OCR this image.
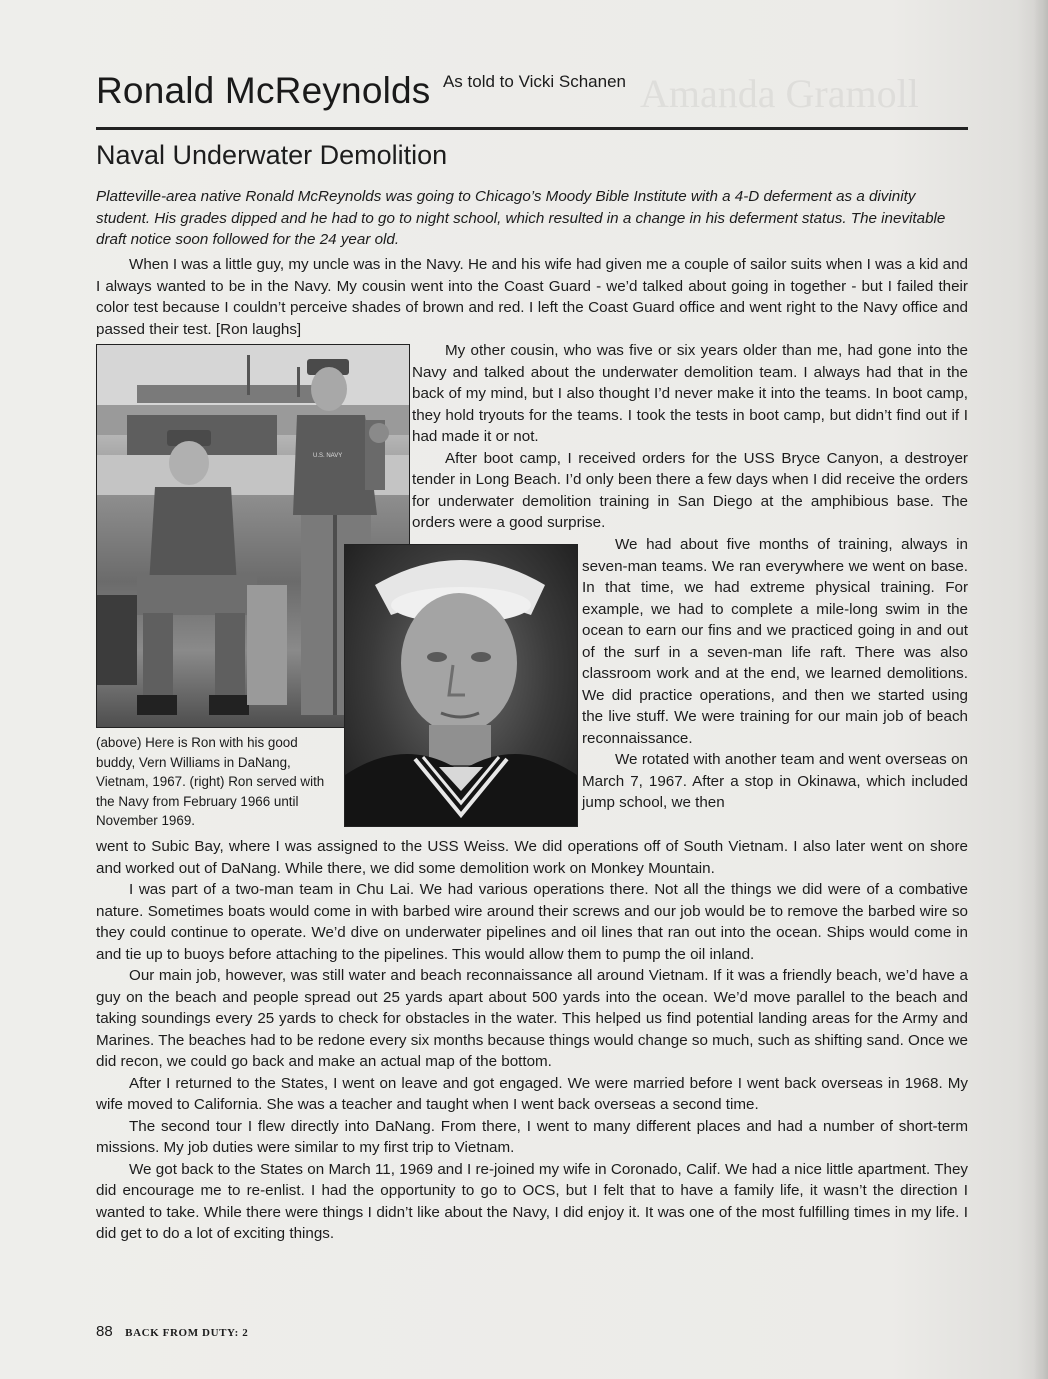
Amanda Gramoll
Ronald McReynolds As told to Vicki Schanen
Naval Underwater Demolition
Platteville-area native Ronald McReynolds was going to Chicago’s Moody Bible Institute with a 4-D deferment as a divinity student. His grades dipped and he had to go to night school, which resulted in a change in his deferment status. The inevitable draft notice soon followed for the 24 year old.

When I was a little guy, my uncle was in the Navy. He and his wife had given me a couple of sailor suits when I was a kid and I always wanted to be in the Navy. My cousin went into the Coast Guard - we’d talked about going in together - but I failed their color test because I couldn’t perceive shades of brown and red. I left the Coast Guard office and went right to the Navy office and passed their test. [Ron laughs]

My other cousin, who was five or six years older than me, had gone into the Navy and talked about the underwater demolition team. I always had that in the back of my mind, but I also thought I’d never make it into the teams. In boot camp, they hold tryouts for the teams. I took the tests in boot camp, but didn’t find out if I had made it or not.

After boot camp, I received orders for the USS Bryce Canyon, a destroyer tender in Long Beach. I’d only been there a few days when I did receive the orders for underwater demolition training in San Diego at the amphibious base. The orders were a good surprise.

We had about five months of training, always in seven-man teams. We ran everywhere we went on base. In that time, we had extreme physical training. For example, we had to complete a mile-long swim in the ocean to earn our fins and we practiced going in and out of the surf in a seven-man life raft. There was also classroom work and at the end, we learned demolitions. We did practice operations, and then we started using the live stuff. We were training for our main job of beach reconnaissance.

We rotated with another team and went overseas on March 7, 1967. After a stop in Okinawa, which included jump school, we then

went to Subic Bay, where I was assigned to the USS Weiss. We did operations off of South Vietnam. I also later went on shore and worked out of DaNang. While there, we did some demolition work on Monkey Mountain.

I was part of a two-man team in Chu Lai. We had various operations there. Not all the things we did were of a combative nature. Sometimes boats would come in with barbed wire around their screws and our job would be to remove the barbed wire so they could continue to operate. We’d dive on underwater pipelines and oil lines that ran out into the ocean. Ships would come in and tie up to buoys before attaching to the pipelines. This would allow them to pump the oil inland.

Our main job, however, was still water and beach reconnaissance all around Vietnam. If it was a friendly beach, we’d have a guy on the beach and people spread out 25 yards apart about 500 yards into the ocean. We’d move parallel to the beach and taking soundings every 25 yards to check for obstacles in the water. This helped us find potential landing areas for the Army and Marines. The beaches had to be redone every six months because things would change so much, such as shifting sand. Once we did recon, we could go back and make an actual map of the bottom.

After I returned to the States, I went on leave and got engaged. We were married before I went back overseas in 1968. My wife moved to California. She was a teacher and taught when I went back overseas a second time.

The second tour I flew directly into DaNang. From there, I went to many different places and had a number of short-term missions. My job duties were similar to my first trip to Vietnam.

We got back to the States on March 11, 1969 and I re-joined my wife in Coronado, Calif. We had a nice little apartment. They did encourage me to re-enlist. I had the opportunity to go to OCS, but I felt that to have a family life, it wasn’t the direction I wanted to take. While there were things I didn’t like about the Navy, I did enjoy it. It was one of the most fulfilling times in my life. I did get to do a lot of exciting things.

U.S. NAVY
(above) Here is Ron with his good buddy, Vern Williams in DaNang, Vietnam, 1967. (right) Ron served with the Navy from February 1966 until November 1969.
88 BACK FROM DUTY: 2
